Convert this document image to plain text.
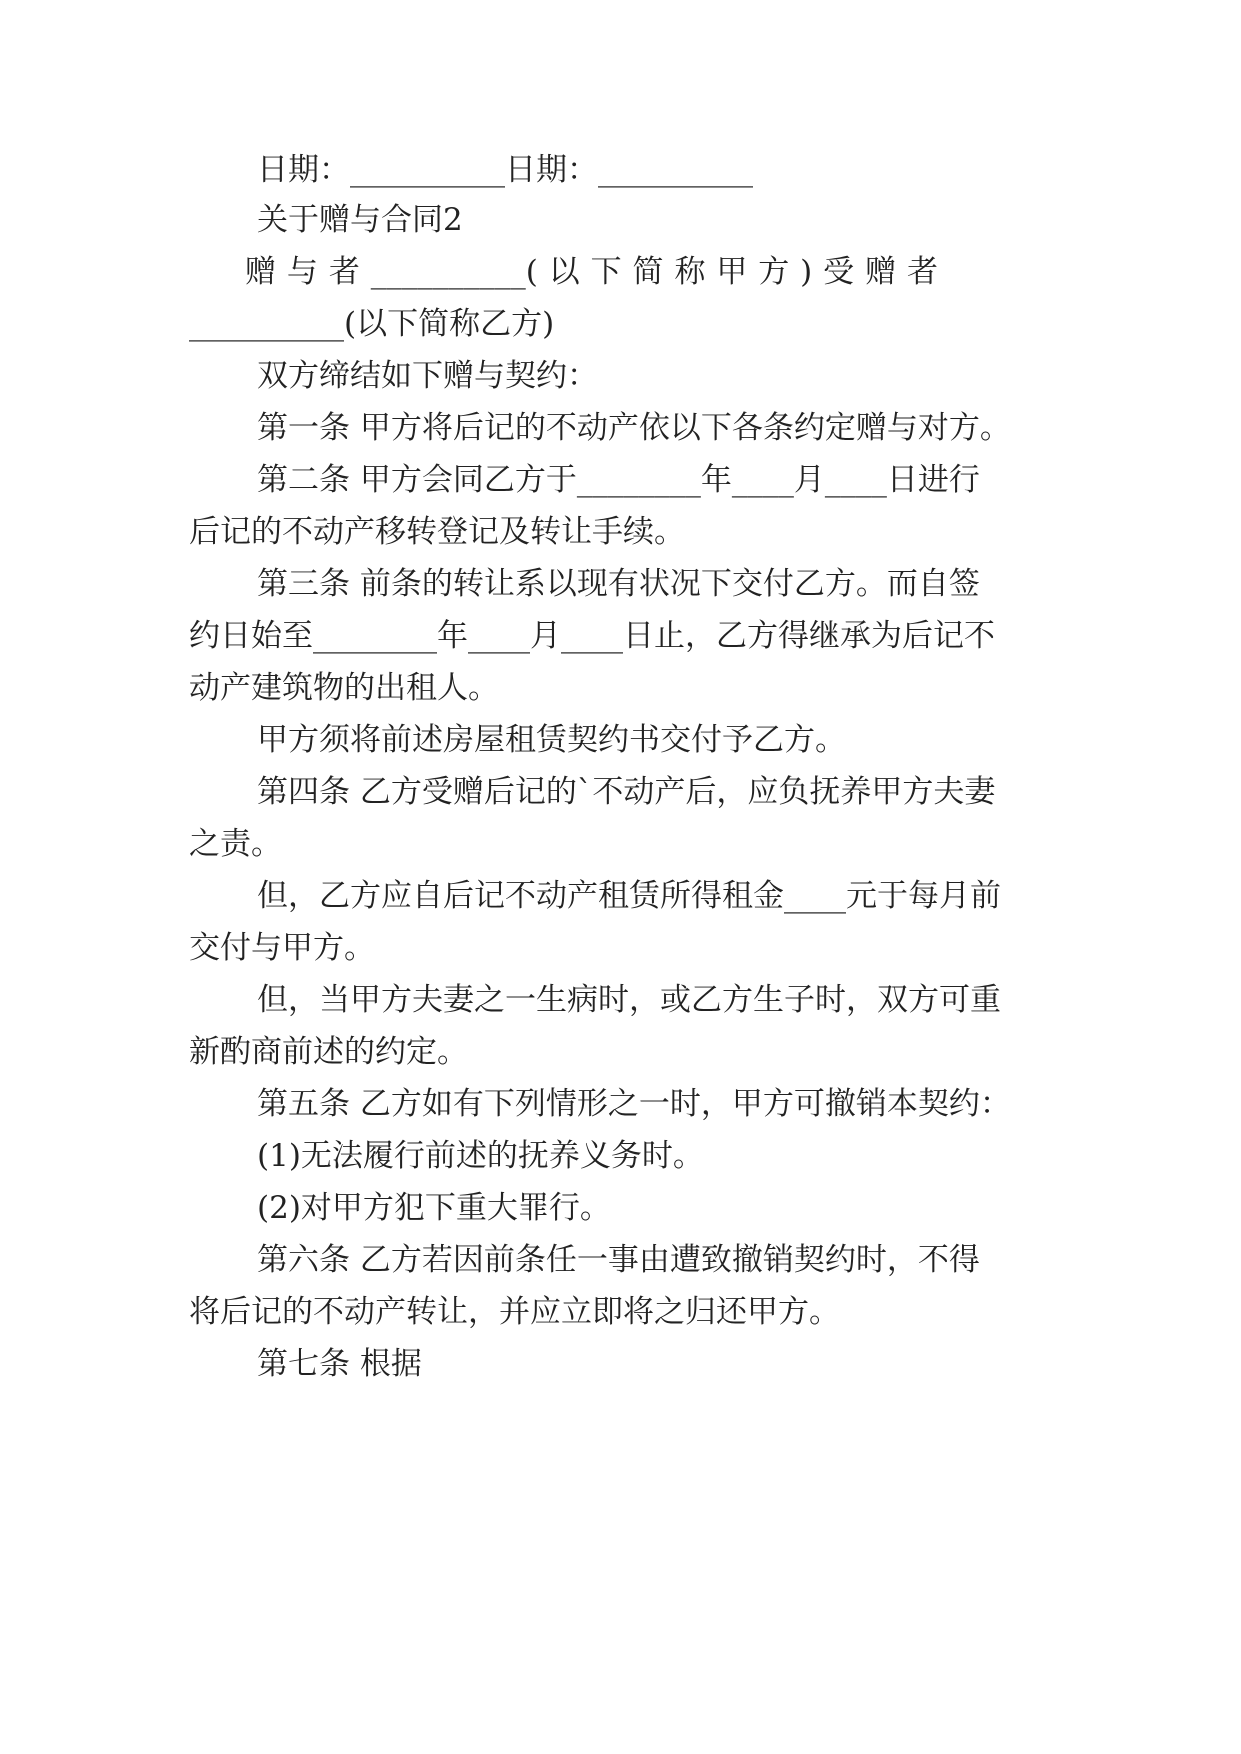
日期：__________日期：__________
关于赠与合同2
赠与者__________(以下简称甲方)受赠者
__________(以下简称乙方)
双方缔结如下赠与契约：
第一条 甲方将后记的不动产依以下各条约定赠与对方。
第二条 甲方会同乙方于________年____月____日进行
后记的不动产移转登记及转让手续。
第三条 前条的转让系以现有状况下交付乙方。而自签
约日始至________年____月____日止，乙方得继承为后记不
动产建筑物的出租人。
甲方须将前述房屋租赁契约书交付予乙方。
第四条 乙方受赠后记的`不动产后，应负抚养甲方夫妻
之责。
但，乙方应自后记不动产租赁所得租金____元于每月前
交付与甲方。
但，当甲方夫妻之一生病时，或乙方生子时，双方可重
新酌商前述的约定。
第五条 乙方如有下列情形之一时，甲方可撤销本契约：
(1)无法履行前述的抚养义务时。
(2)对甲方犯下重大罪行。
第六条 乙方若因前条任一事由遭致撤销契约时，不得
将后记的不动产转让，并应立即将之归还甲方。
第七条 根据
